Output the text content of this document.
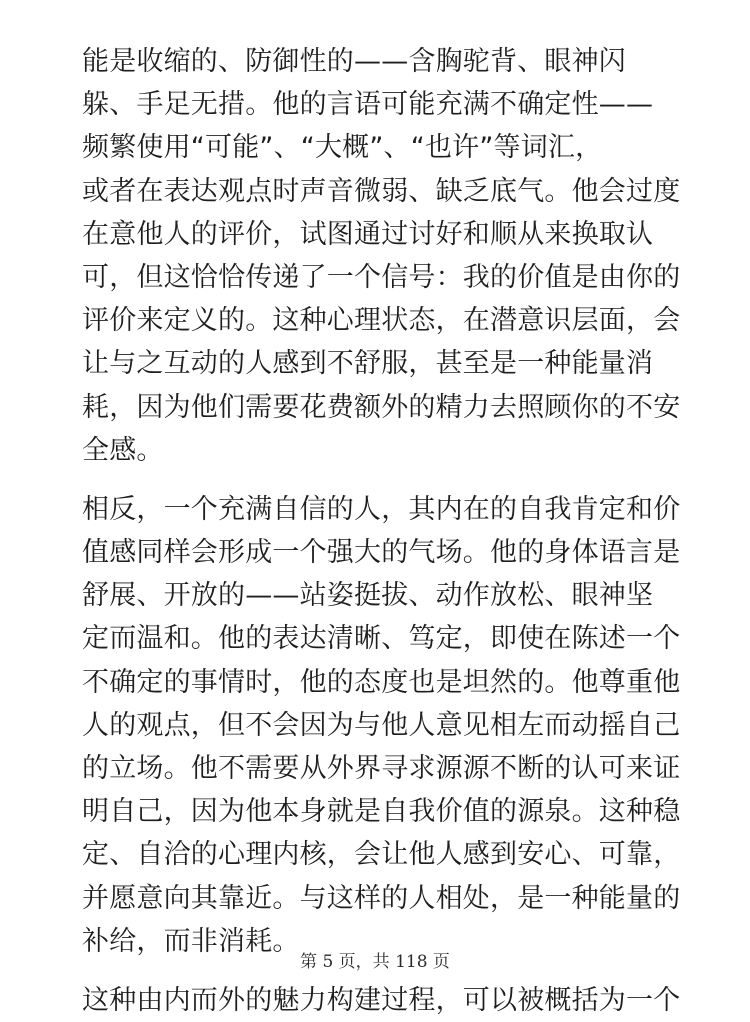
能是收缩的、防御性的——含胸驼背、眼神闪
躲、手足无措。他的言语可能充满不确定性——
频繁使用“可能”、“大概”、“也许”等词汇，
或者在表达观点时声音微弱、缺乏底气。他会过度
在意他人的评价，试图通过讨好和顺从来换取认
可，但这恰恰传递了一个信号：我的价值是由你的
评价来定义的。这种心理状态，在潜意识层面，会
让与之互动的人感到不舒服，甚至是一种能量消
耗，因为他们需要花费额外的精力去照顾你的不安
全感。
相反，一个充满自信的人，其内在的自我肯定和价
值感同样会形成一个强大的气场。他的身体语言是
舒展、开放的——站姿挺拔、动作放松、眼神坚
定而温和。他的表达清晰、笃定，即使在陈述一个
不确定的事情时，他的态度也是坦然的。他尊重他
人的观点，但不会因为与他人意见相左而动摇自己
的立场。他不需要从外界寻求源源不断的认可来证
明自己，因为他本身就是自我价值的源泉。这种稳
定、自洽的心理内核，会让他人感到安心、可靠，
并愿意向其靠近。与这样的人相处，是一种能量的
补给，而非消耗。
这种由内而外的魅力构建过程，可以被概括为一个
第 5 页，共 118 页
